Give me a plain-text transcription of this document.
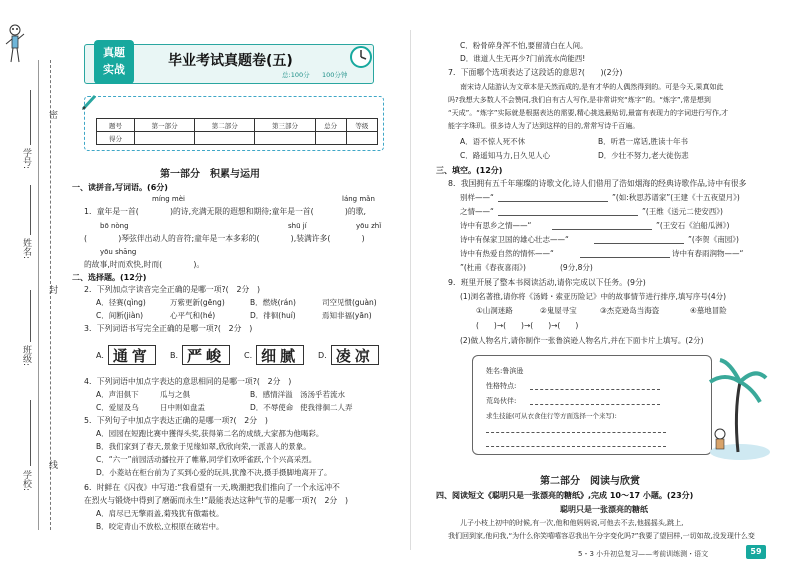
密
封
线
学号:
姓名:
班级:
学校:
真题
实战
毕业考试真题卷(五)
总:100分 100分钟
题号	第一部分	第二部分	第三部分	总分	等级
得分					
第一部分　积累与运用
一、读拼音,写词语。(6分)
míng mèi	láng mǎn
1．童年是一首(　　　　)的诗,充满无限的遐想和期待;童年是一首(　　　　)的歌,
bō nòng	shū jí	yōu zhǐ
(　　　　)琴弦伴出动人的音符;童年是一本多彩的(　　　　),装满许多(　　　　)
yōu shāng
的故事,时而欢快,时而(　　　　)。
二、选择题。(12分)
2．下列加点字读音完全正确的是哪一项?(　2分　)
A．径赛(qìng)	万紫更新(gēng)	B．燃烧(rán)	司空见惯(guàn)
C．间断(jiàn)	心平气和(hé)	D．徘徊(huí)	焉知非福(yān)
3．下列词语书写完全正确的是哪一项?(　2分　)
A. 通宵	B. 严峻	C. 细腻	D. 凌凉
4．下列词语中加点字表达的意思相同的是哪一项?(　2分　)
A．声泪俱下	瓜与之俱	B．感情洋溢 汤汤乎若流水
C．爱屋及乌	日中则如盘盂	D．不辱使命 使我徘徊二人弄
5．下列句子中加点字表达正确的是哪一项?(　2分　)
A．园园在短跑比赛中獲得头奖,获得第二名的成绩,大家都为他喝彩。
B．我们家到了春天,景象于见缘如翠,欣欣向荣,一派喜人的景象。
C．“六一”前园活动播拉开了帷幕,同学们欢呼雀跃,个个兴高采烈。
D．小菱站在柜台前为了买到心爱的玩具,犹豫不决,摄手摄脚地离开了。
6．时鲜在《闪夜》中写道:“我看望有一天,晚潮把我们推向了一个永远冲不
在烈火与锻烧中得到了磨砺而永生!”最能表达这种气节的是哪一项?(　2分　)
A．肩尽已无擎雨盖,菊残犹有傲霜枝。
B．咬定青山不放松,立根原在破岩中。
C．粉骨碎身浑不怕,要留清白在人间。
D．谁道人生无再少?门前流水尚能西!
7．下面哪个选项表达了这段话的意思?(　　)(2分)
南宋诗人陆游认为文章本是天然而成的,是有才华的人偶然得到的。可是今天,果真如此
吗?我想大多数人不会赞同,我们自有古人写作,是非常讲究“炼字”的。“炼字”,常是想到
“天成”。“炼字”实际就是根据表达的需要,精心挑选最贴切,最富有表现力的字词进行写作,才
能字字珠玑。很多诗人为了达到这样的目的,常常写诗千百遍。
A．语不惊人死不休	B．听君一席话,胜读十年书
C．路遥知马力,日久见人心	D．少壮不努力,老大徒伤悲
三、填空。(12分)
8．我国拥有五千年璀璨的诗歌文化,诗人们借用了浩如烟海的经典诗歌作品,诗中有很多
别样——“	”(如:秋思苏谱家”(王建《十五夜望月》)
之情——“	”(王维《送元二使安西》)
诗中有思乡之情——“	”(王安石《泊船瓜洲》)
诗中有保家卫国的雄心壮志——“	”(李贺《南园》)
诗中有热爱自然的情怀——“	诗中有春雨润物——“
”(杜甫《春夜喜雨》)	(9分,8分)
9．班里开展了整本书阅读活动,请你完成以下任务。(9分)
(1)浏名著推,请你将《汤姆・索亚历险记》中的故事情节进行排序,填写序号(4分)
①山洞迷路	②鬼屋寻宝	③杰克逊岛当海盗	④墓地冒险
(　　)→(　　)→(　　)→(　　)
(2)做人物名片,请你制作一张鲁滨逊人物名片,并在下面卡片上填写。(2分)
姓名:鲁滨逊
性格特点:
荒岛伙伴:
求生技能(可从衣食住行等方面选择一个来写):
第二部分　阅读与欣赏
四、阅读短文《聪明只是一张漂亮的糖纸》,完成 10～17 小题。(23分)
聪明只是一张漂亮的糖纸
儿子小枝上初中的时候,有一次,他和他妈妈说,可他去不去,他摇摇头,跳上,
我们回到家,他问我,“为什么你笑嘻嘻容忍我出午分字变化吗?”我要了望回样,一切如故,没发现什么变
5・3 小升初总复习——考前训练测・语文	59
